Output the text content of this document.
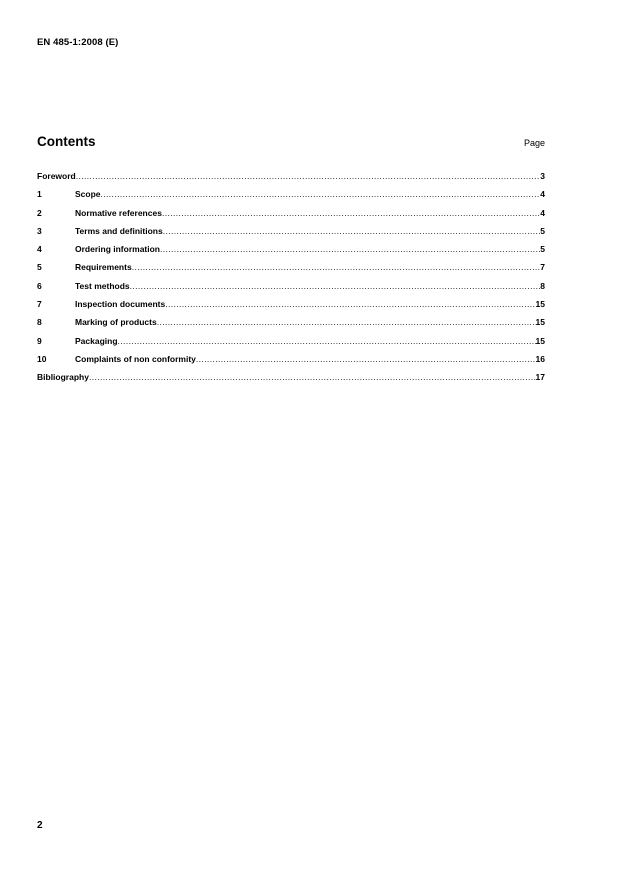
EN 485-1:2008 (E)
Contents	Page
Foreword .....	3
1	Scope .....	4
2	Normative references .....	4
3	Terms and definitions .....	5
4	Ordering information .....	5
5	Requirements .....	7
6	Test methods .....	8
7	Inspection documents .....	15
8	Marking of products .....	15
9	Packaging .....	15
10	Complaints of non conformity .....	16
Bibliography .....	17
2
